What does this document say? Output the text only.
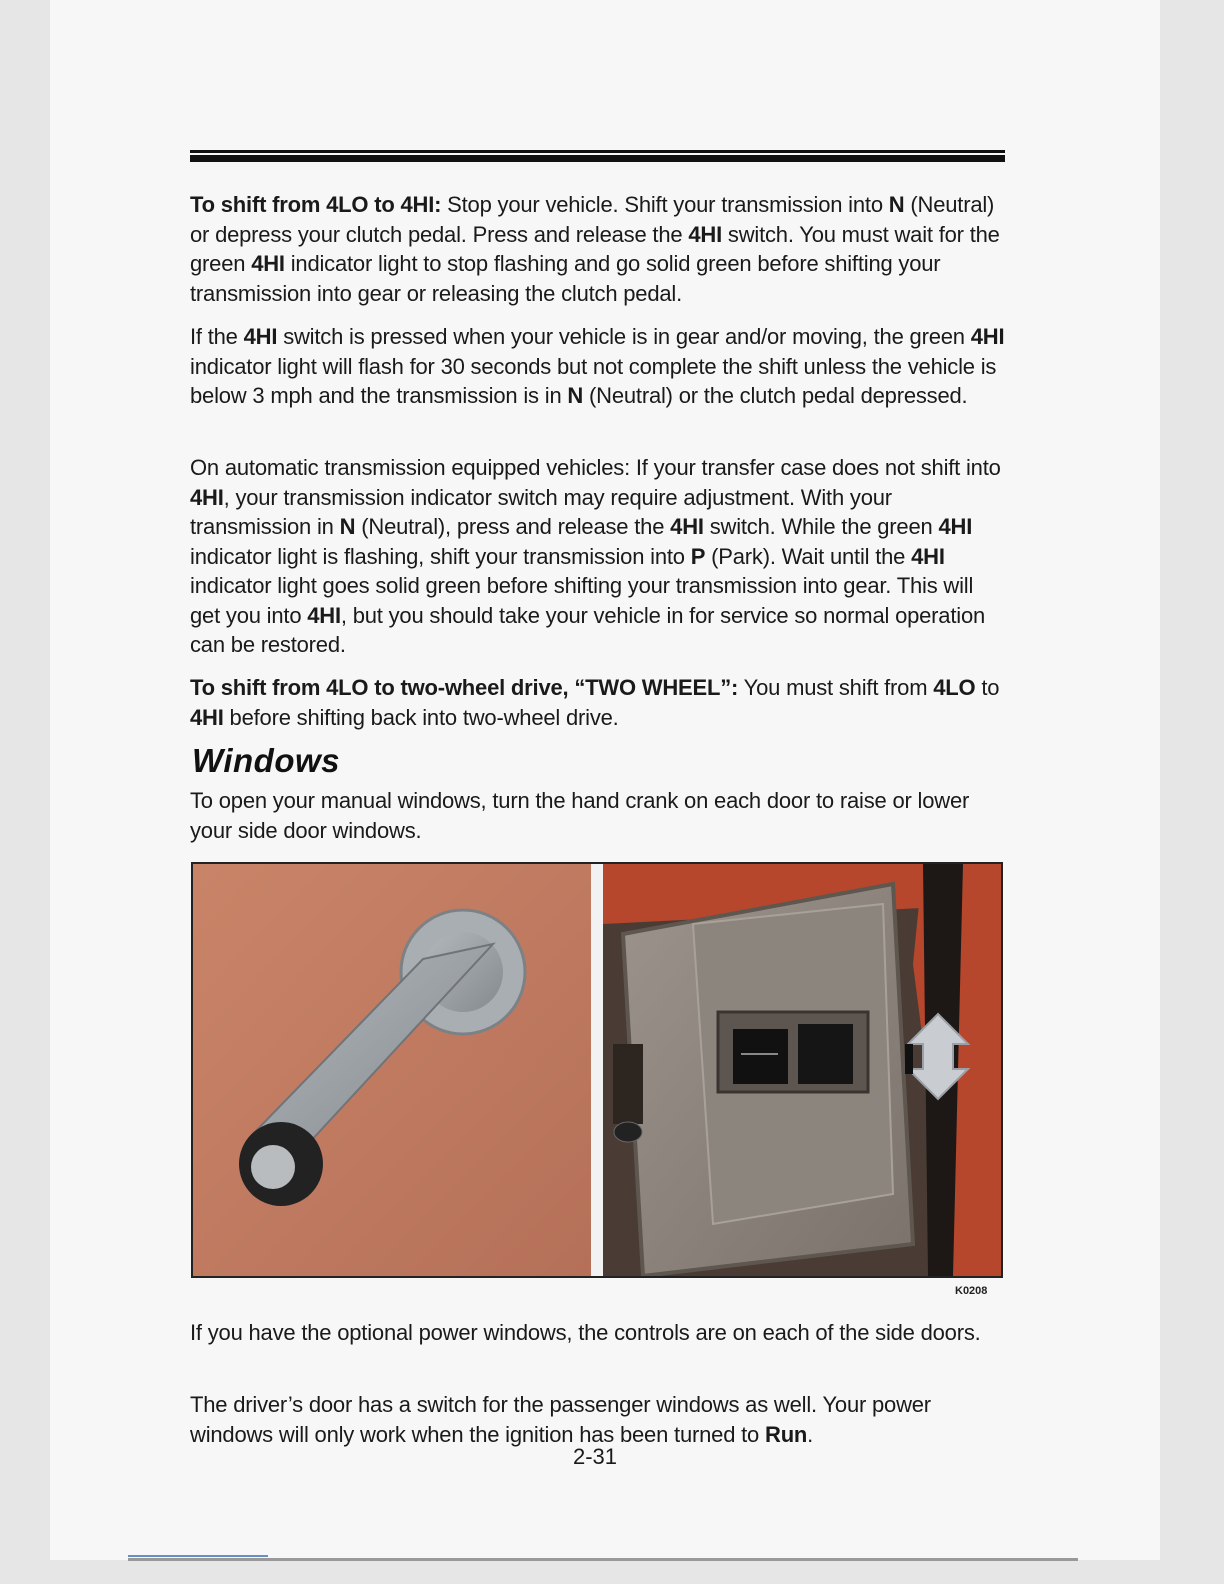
To shift from 4LO to 4HI: Stop your vehicle. Shift your transmission into N (Neutral) or depress your clutch pedal. Press and release the 4HI switch. You must wait for the green 4HI indicator light to stop flashing and go solid green before shifting your transmission into gear or releasing the clutch pedal.

If the 4HI switch is pressed when your vehicle is in gear and/or moving, the green 4HI indicator light will flash for 30 seconds but not complete the shift unless the vehicle is below 3 mph and the transmission is in N (Neutral) or the clutch pedal depressed.

On automatic transmission equipped vehicles: If your transfer case does not shift into 4HI, your transmission indicator switch may require adjustment. With your transmission in N (Neutral), press and release the 4HI switch. While the green 4HI indicator light is flashing, shift your transmission into P (Park). Wait until the 4HI indicator light goes solid green before shifting your transmission into gear. This will get you into 4HI, but you should take your vehicle in for service so normal operation can be restored.

To shift from 4LO to two-wheel drive, “TWO WHEEL”: You must shift from 4LO to 4HI before shifting back into two-wheel drive.

Windows

To open your manual windows, turn the hand crank on each door to raise or lower your side door windows.

K0208

If you have the optional power windows, the controls are on each of the side doors.

The driver’s door has a switch for the passenger windows as well. Your power windows will only work when the ignition has been turned to Run.

2-31
